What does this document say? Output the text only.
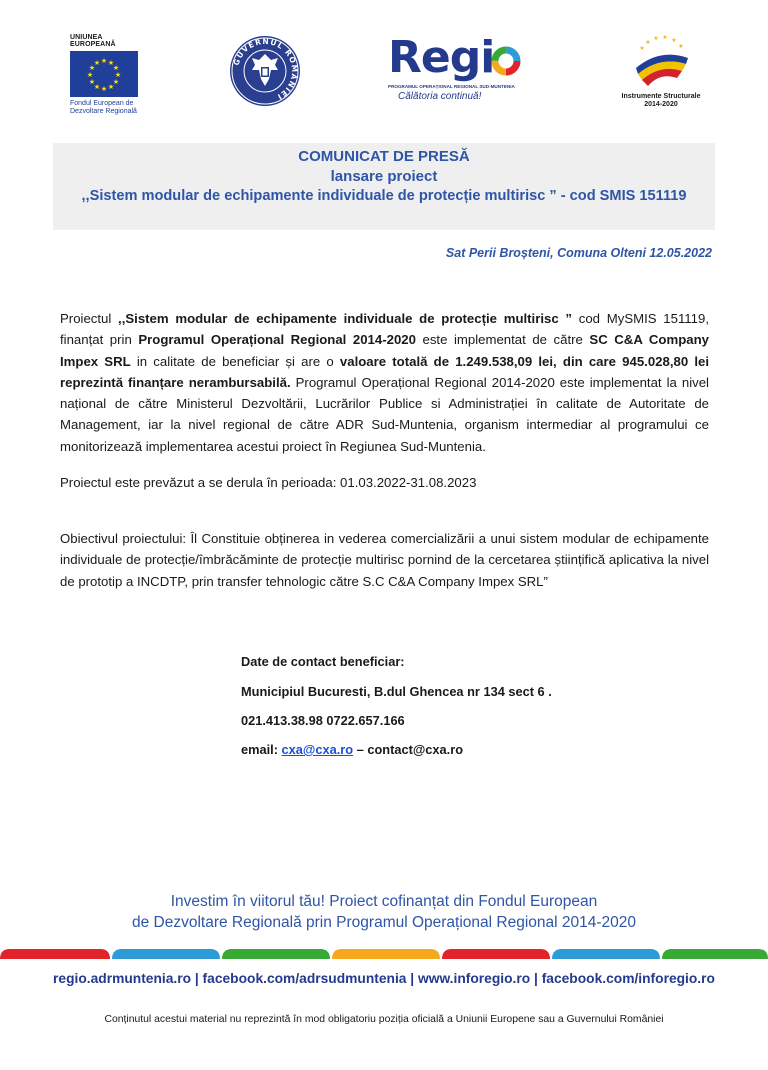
UNIUNEA EUROPEANĂ
★ ★
★
★
★
★
★
★
★
★
★
★
Fondul European de
Dezvoltare Regională
GUVERNUL ROMÂNIEI
Regi
PROGRAMUL OPERAȚIONAL REGIONAL SUD-MUNTENIA
Călătoria continuă!
★
★ ★ ★
★
★
Instrumente Structurale
2014-2020
COMUNICAT DE PRESĂ
lansare proiect
,,Sistem modular de echipamente individuale de protecție multirisc ” - cod SMIS 151119
Sat Perii Broșteni, Comuna Olteni 12.05.2022
Proiectul ,,Sistem modular de echipamente individuale de protecție multirisc ” cod MySMIS 151119, finanțat prin Programul Operațional Regional 2014-2020 este implementat de către SC C&A Company Impex SRL in calitate de beneficiar și are o valoare totală de 1.249.538,09 lei, din care 945.028,80 lei reprezintă finanțare nerambursabilă. Programul Operațional Regional 2014-2020 este implementat la nivel național de către Ministerul Dezvoltării, Lucrărilor Publice si Administrației în calitate de Autoritate de Management, iar la nivel regional de către ADR Sud-Muntenia, organism intermediar al programului ce monitorizează implementarea acestui proiect în Regiunea Sud-Muntenia.
Proiectul este prevăzut a se derula în perioada: 01.03.2022-31.08.2023
Obiectivul proiectului: Îl Constituie obținerea in vederea comercializării a unui sistem modular de echipamente individuale de protecție/îmbrăcăminte de protecție multirisc pornind de la cercetarea științifică aplicativa la nivel de prototip a INCDTP, prin transfer tehnologic către S.C C&A Company Impex SRL”
Date de contact beneficiar:
Municipiul Bucuresti, B.dul Ghencea nr 134 sect 6 .
021.413.38.98 0722.657.166
email: cxa@cxa.ro – contact@cxa.ro
Investim în viitorul tău! Proiect cofinanțat din Fondul European
de Dezvoltare Regională prin Programul Operațional Regional 2014-2020
regio.adrmuntenia.ro | facebook.com/adrsudmuntenia | www.inforegio.ro | facebook.com/inforegio.ro
Conținutul acestui material nu reprezintă în mod obligatoriu poziția oficială a Uniunii Europene sau a Guvernului României
